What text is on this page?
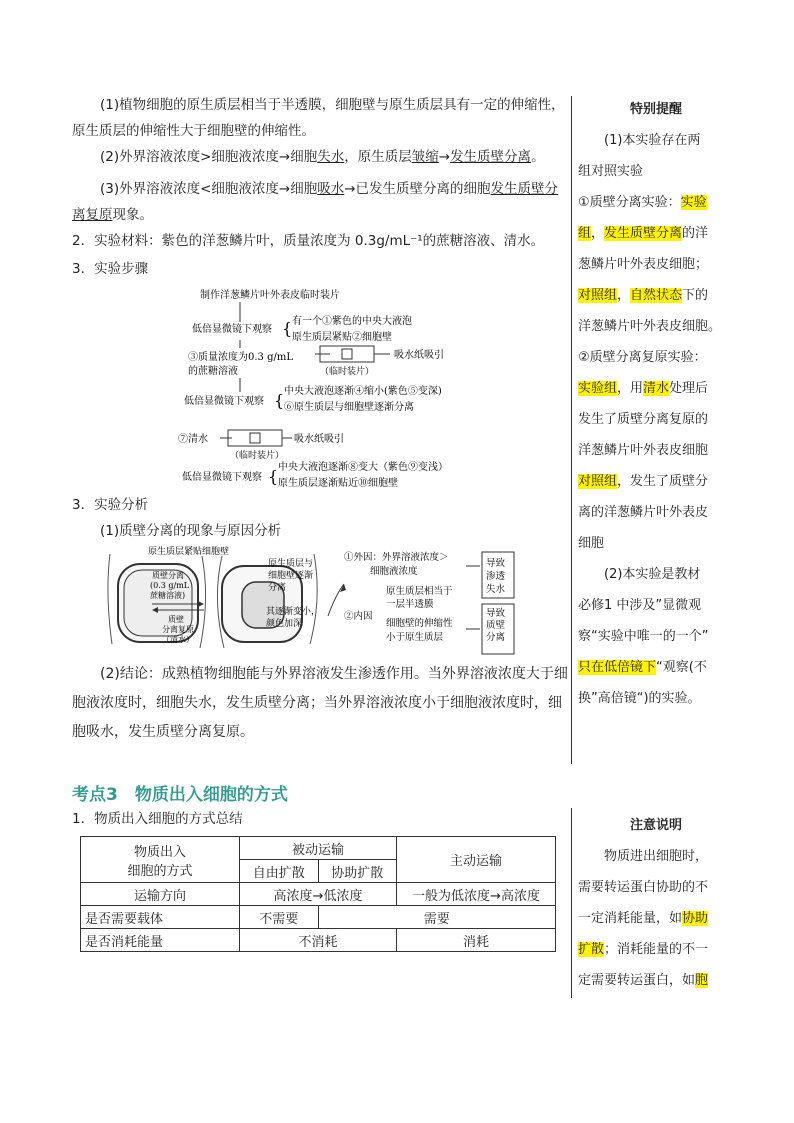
(1)植物细胞的原生质层相当于半透膜，细胞壁与原生质层具有一定的伸缩性，原生质层的伸缩性大于细胞壁的伸缩性。
(2)外界溶液浓度>细胞液浓度→细胞失水，原生质层皱缩→发生质壁分离。
(3)外界溶液浓度<细胞液浓度→细胞吸水→已发生质壁分离的细胞发生质壁分离复原现象。
2．实验材料：紫色的洋葱鳞片叶，质量浓度为 0.3g/mL⁻¹的蔗糖溶液、清水。
3．实验步骤
制作洋葱鳞片叶外表皮临时装片
低倍显微镜下观察 { 有一个①紫色的中央大液泡
原生质层紧贴②细胞壁
③质量浓度为0.3 g/mL
的蔗糖溶液
吸水纸吸引
（临时装片）
低倍显微镜下观察 { 中央大液泡逐渐④缩小(紫色⑤变深)
⑥原生质层与细胞壁逐渐分离
⑦清水	吸水纸吸引
（临时装片）
低倍显微镜下观察 { 中央大液泡逐渐⑧变大（紫色⑨变浅）
原生质层逐渐贴近⑩细胞壁
3．实验分析
(1)质壁分离的现象与原因分析
原生质层紧贴细胞壁
质壁分离
(0.3 g/mL
蔗糖溶液)
质壁
分离复原
（清水）
原生质层与
细胞壁逐渐
分离
其逐渐变小，
颜色加深
①外因：外界溶液浓度＞
细胞液浓度
原生质层相当于
一层半透膜
②内因
细胞壁的伸缩性
小于原生质层
导致渗透失水
导致质壁分离
(2)结论：成熟植物细胞能与外界溶液发生渗透作用。当外界溶液浓度大于细胞液浓度时，细胞失水，发生质壁分离；当外界溶液浓度小于细胞液浓度时，细胞吸水，发生质壁分离复原。
特别提醒
(1)本实验存在两
组对照实验
①质壁分离实验：实验
组，发生质壁分离的洋
葱鳞片叶外表皮细胞；
对照组，自然状态下的
洋葱鳞片叶外表皮细胞。
②质壁分离复原实验：
实验组，用清水处理后
发生了质壁分离复原的
洋葱鳞片叶外表皮细胞
对照组，发生了质壁分
离的洋葱鳞片叶外表皮
细胞
(2)本实验是教材
必修1 中涉及”显微观
察“实验中唯一的一个”
只在低倍镜下“观察(不
换”高倍镜“)的实验。
考点3　物质出入细胞的方式
1．物质出入细胞的方式总结
物质出入
细胞的方式	被动运输		主动运输
	自由扩散	协助扩散	
运输方向	高浓度→低浓度		一般为低浓度→高浓度
是否需要载体	不需要	需要	
是否消耗能量	不消耗		消耗
注意说明
物质进出细胞时，
需要转运蛋白协助的不
一定消耗能量，如协助
扩散；消耗能量的不一
定需要转运蛋白，如胞
